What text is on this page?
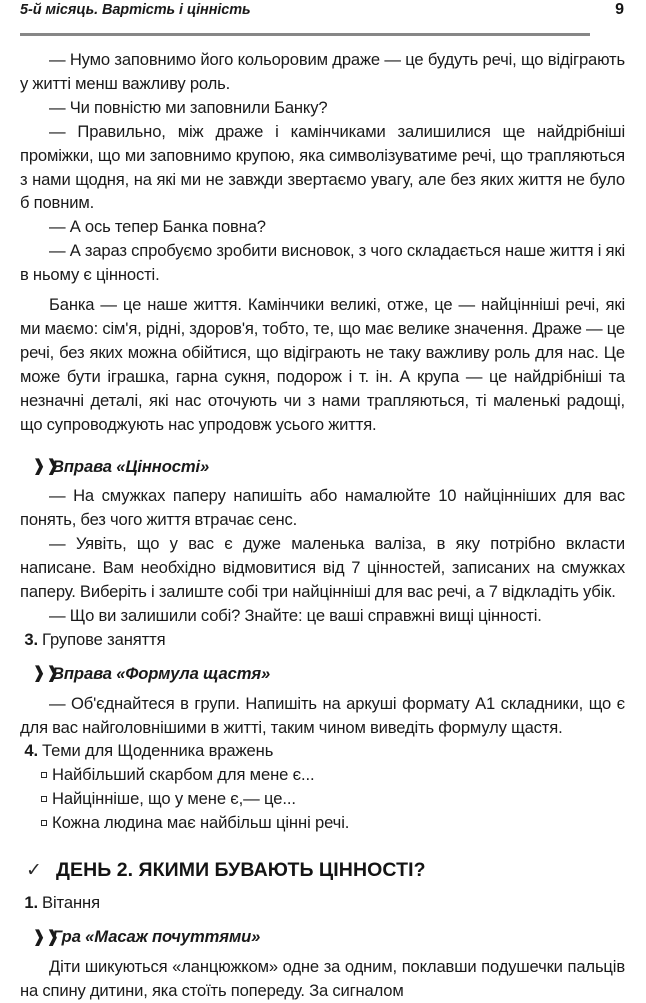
5-й місяць. Вартість і цінність	9

— Нумо заповнимо його кольоровим драже — це будуть речі, що відіграють у житті менш важливу роль.

— Чи повністю ми заповнили Банку?

— Правильно, між драже і камінчиками залишилися ще найдрібніші проміжки, що ми заповнимо крупою, яка символізуватиме речі, що трапляються з нами щодня, на які ми не завжди звертаємо увагу, але без яких життя не було б повним.

— А ось тепер Банка повна?

— А зараз спробуємо зробити висновок, з чого складається наше життя і які в ньому є цінності.

Банка — це наше життя. Камінчики великі, отже, це — найцінніші речі, які ми маємо: сім'я, рідні, здоров'я, тобто, те, що має велике значення. Драже — це речі, без яких можна обійтися, що відіграють не таку важливу роль для нас. Це може бути іграшка, гарна сукня, подорож і т. ін. А крупа — це найдрібніші та незначні деталі, які нас оточують чи з нами трапляються, ті маленькі радощі, що супроводжують нас упродовж усього життя.

❱❱
Вправа «Цінності»

— На смужках паперу напишіть або намалюйте 10 найцінніших для вас понять, без чого життя втрачає сенс.

— Уявіть, що у вас є дуже маленька валіза, в яку потрібно вкласти написане. Вам необхідно відмовитися від 7 цінностей, записаних на смужках паперу. Виберіть і залиште собі три найцінніші для вас речі, а 7 відкладіть убік.

— Що ви залишили собі? Знайте: це ваші справжні вищі цінності.

3. Групове заняття

❱❱
Вправа «Формула щастя»

— Об'єднайтеся в групи. Напишіть на аркуші формату А1 складники, що є для вас найголовнішими в житті, таким чином виведіть формулу щастя.

4. Теми для Щоденника вражень

Найбільший скарбом для мене є...

Найцінніше, що у мене є,— це...

Кожна людина має найбільш цінні речі.

✓ ДЕНЬ 2. ЯКИМИ БУВАЮТЬ ЦІННОСТІ?

1. Вітання

❱❱
Гра «Масаж почуттями»

Діти шикуються «ланцюжком» одне за одним, поклавши подушечки пальців на спину дитини, яка стоїть попереду. За сигналом
